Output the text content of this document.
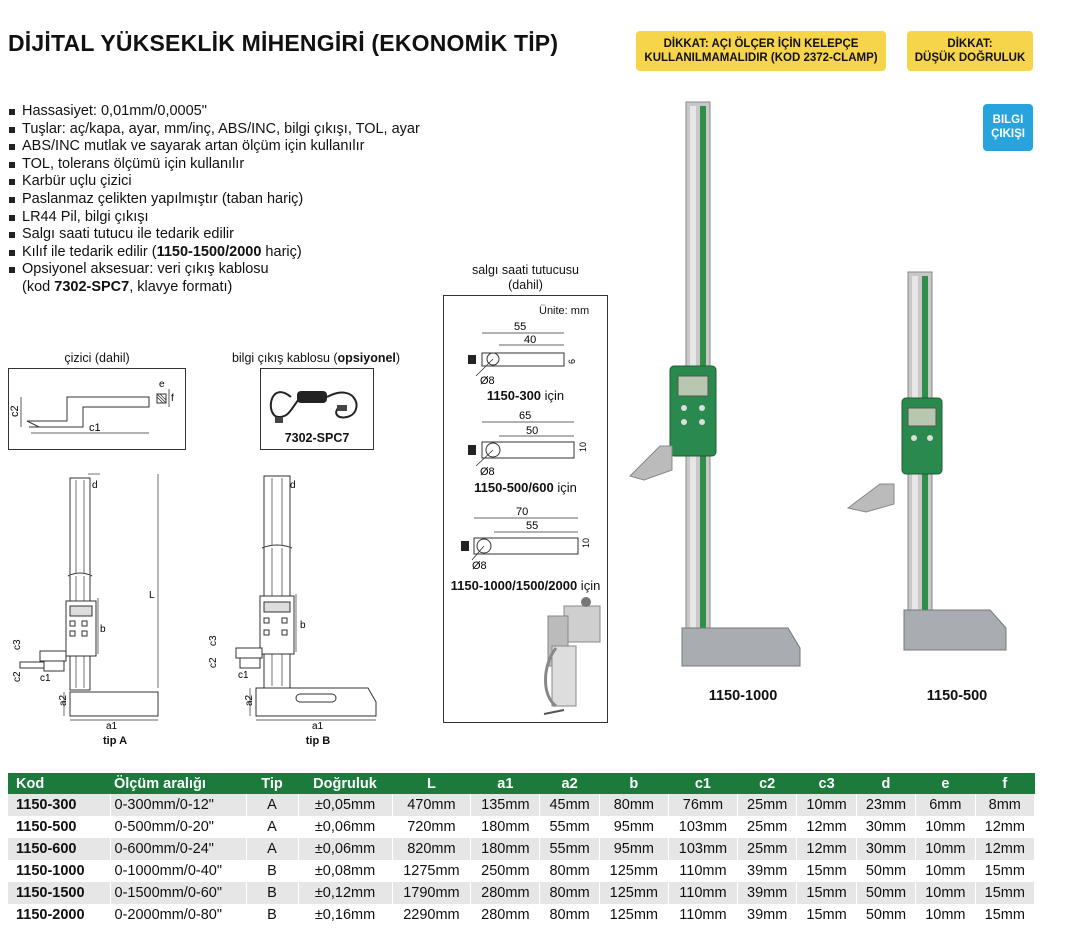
DİJİTAL YÜKSEKLİK MİHENGİRİ (EKONOMİK TİP)	DİKKAT: AÇI ÖLÇER İÇİN KELEPÇE KULLANILMAMALIDIR (KOD 2372-CLAMP)
DİKKAT:
DÜŞÜK DOĞRULUK
BILGI
ÇIKIŞI
Hassasiyet: 0,01mm/0,0005"
Tuşlar: aç/kapa, ayar, mm/inç, ABS/INC, bilgi çıkışı, TOL, ayar
ABS/INC mutlak ve sayarak artan ölçüm için kullanılır
TOL, tolerans ölçümü için kullanılır
Karbür uçlu çizici
Paslanmaz çelikten yapılmıştır (taban hariç)
LR44 Pil, bilgi çıkışı
Salgı saati tutucu ile tedarik edilir
Kılıf ile tedarik edilir (1150-1500/2000 hariç)
Opsiyonel aksesuar: veri çıkış kablosu
(kod 7302-SPC7, klavye formatı)
çizici (dahil)
c1
c2
e
f
bilgi çıkış kablosu (opsiyonel)
7302-SPC7
salgı saati tutucusu
(dahil)
Ünite: mm
55
40
Ø8
6
65
50
Ø8
10
70
55
Ø8
10
1150-300 için
1150-500/600 için
1150-1000/1500/2000 için
d
L
b
c3
c2 c1
a2
a1
tip A
d
b
c3
c2
c1
a2
a1
tip B
1150-1000	1150-500
Kod	Ölçüm aralığı	Tip	Doğruluk	L	a1	a2	b	c1	c2	c3	d	e	f
1150-300	0-300mm/0-12"	A	±0,05mm	470mm	135mm	45mm	80mm	76mm	25mm	10mm	23mm	6mm	8mm
1150-500	0-500mm/0-20"	A	±0,06mm	720mm	180mm	55mm	95mm	103mm	25mm	12mm	30mm	10mm	12mm
1150-600	0-600mm/0-24"	A	±0,06mm	820mm	180mm	55mm	95mm	103mm	25mm	12mm	30mm	10mm	12mm
1150-1000	0-1000mm/0-40"	B	±0,08mm	1275mm	250mm	80mm	125mm	110mm	39mm	15mm	50mm	10mm	15mm
1150-1500	0-1500mm/0-60"	B	±0,12mm	1790mm	280mm	80mm	125mm	110mm	39mm	15mm	50mm	10mm	15mm
1150-2000	0-2000mm/0-80"	B	±0,16mm	2290mm	280mm	80mm	125mm	110mm	39mm	15mm	50mm	10mm	15mm
